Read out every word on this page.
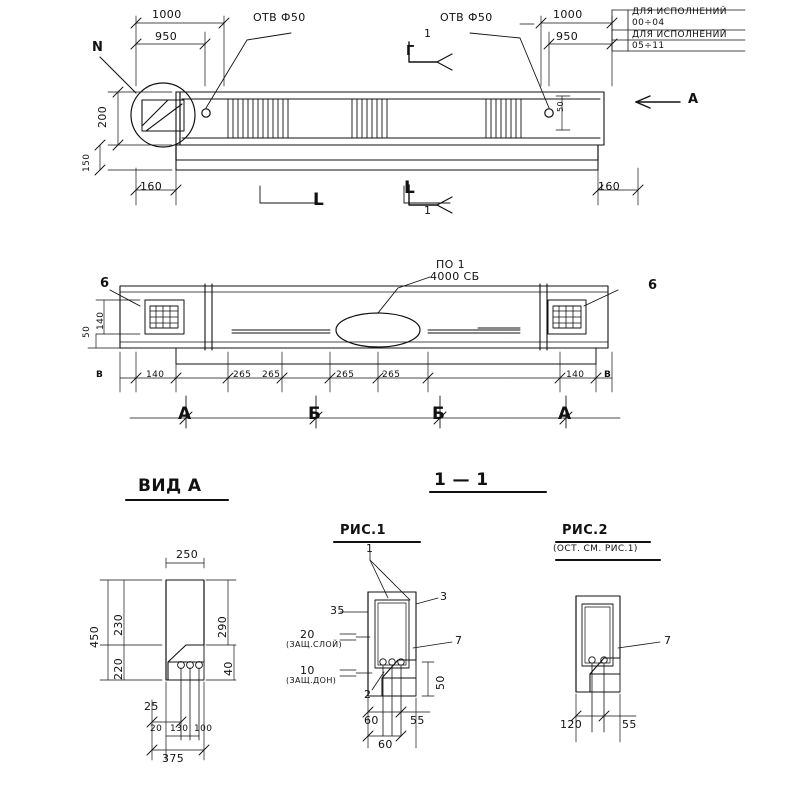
1000
950
1000
950
ОТВ Ф50	ОТВ Ф50
N	Г
1
1
А
L
L
160	160
200
150
50
ДЛЯ ИСПОЛНЕНИЙ
00÷04
ДЛЯ ИСПОЛНЕНИЙ
05÷11
6	6
ПО 1
4000 СБ
50
140
В	140	265 265	265	265	140 В
А	Б	Б	А
ВИД А	1 — 1
РИС.1	РИС.2
(ОСТ. СМ. РИС.1)
250
450
220
230	290
40
25
20 130 100
375
1
3
7
2
35
20
(ЗАЩ.СЛОЙ)
10
(ЗАЩ.ДОН)	50
60	55
60
7
120	55
